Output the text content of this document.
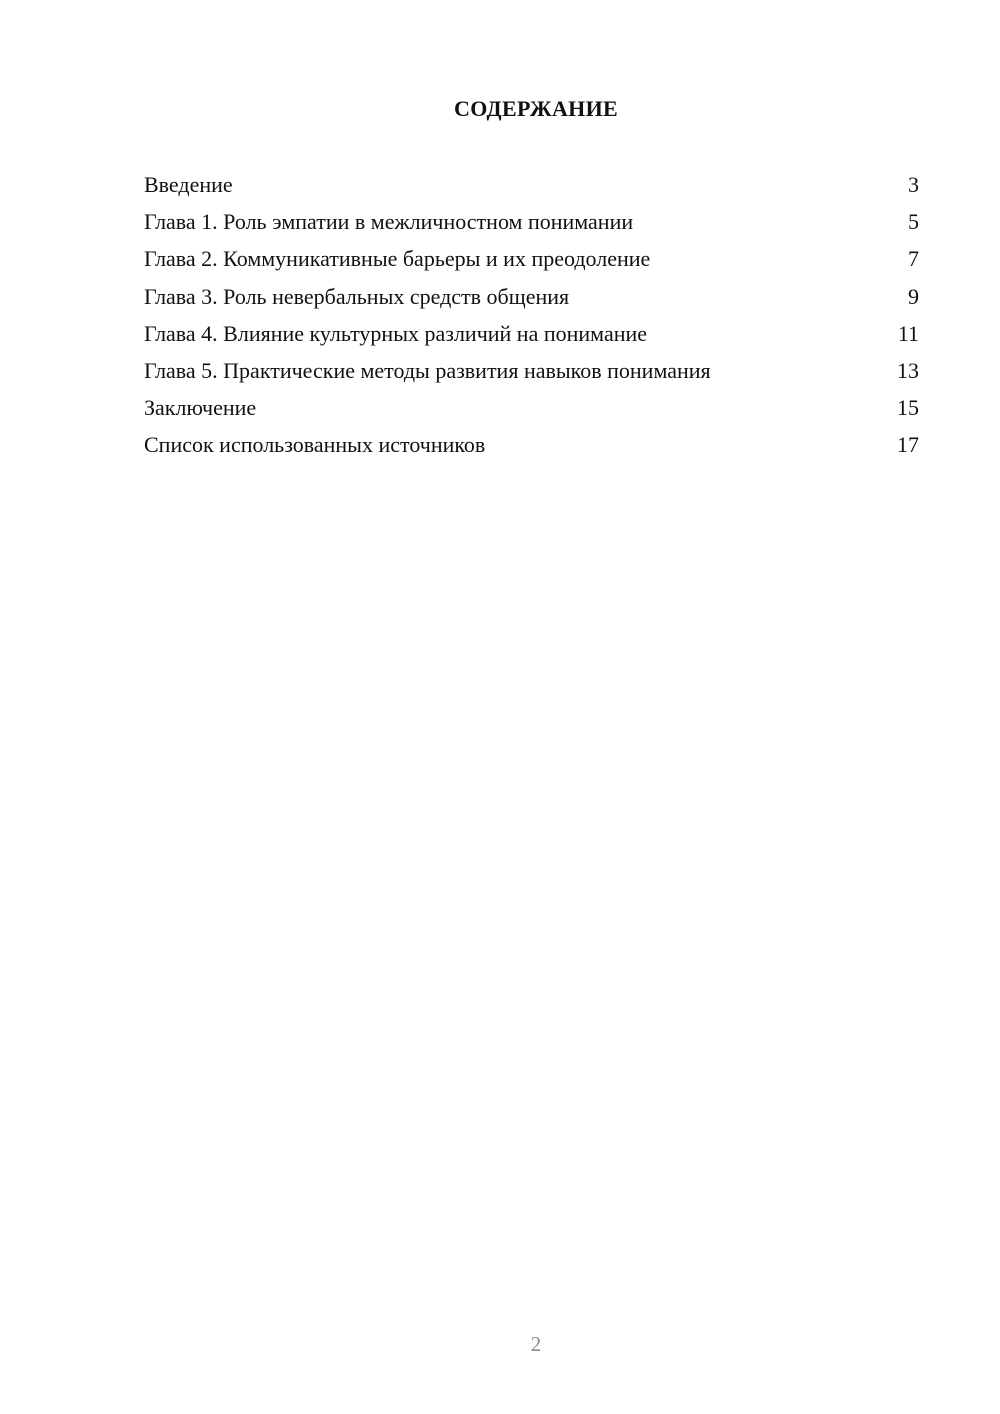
СОДЕРЖАНИЕ
Введение	3
Глава 1. Роль эмпатии в межличностном понимании	5
Глава 2. Коммуникативные барьеры и их преодоление	7
Глава 3. Роль невербальных средств общения	9
Глава 4. Влияние культурных различий на понимание	11
Глава 5. Практические методы развития навыков понимания	13
Заключение	15
Список использованных источников	17
2
